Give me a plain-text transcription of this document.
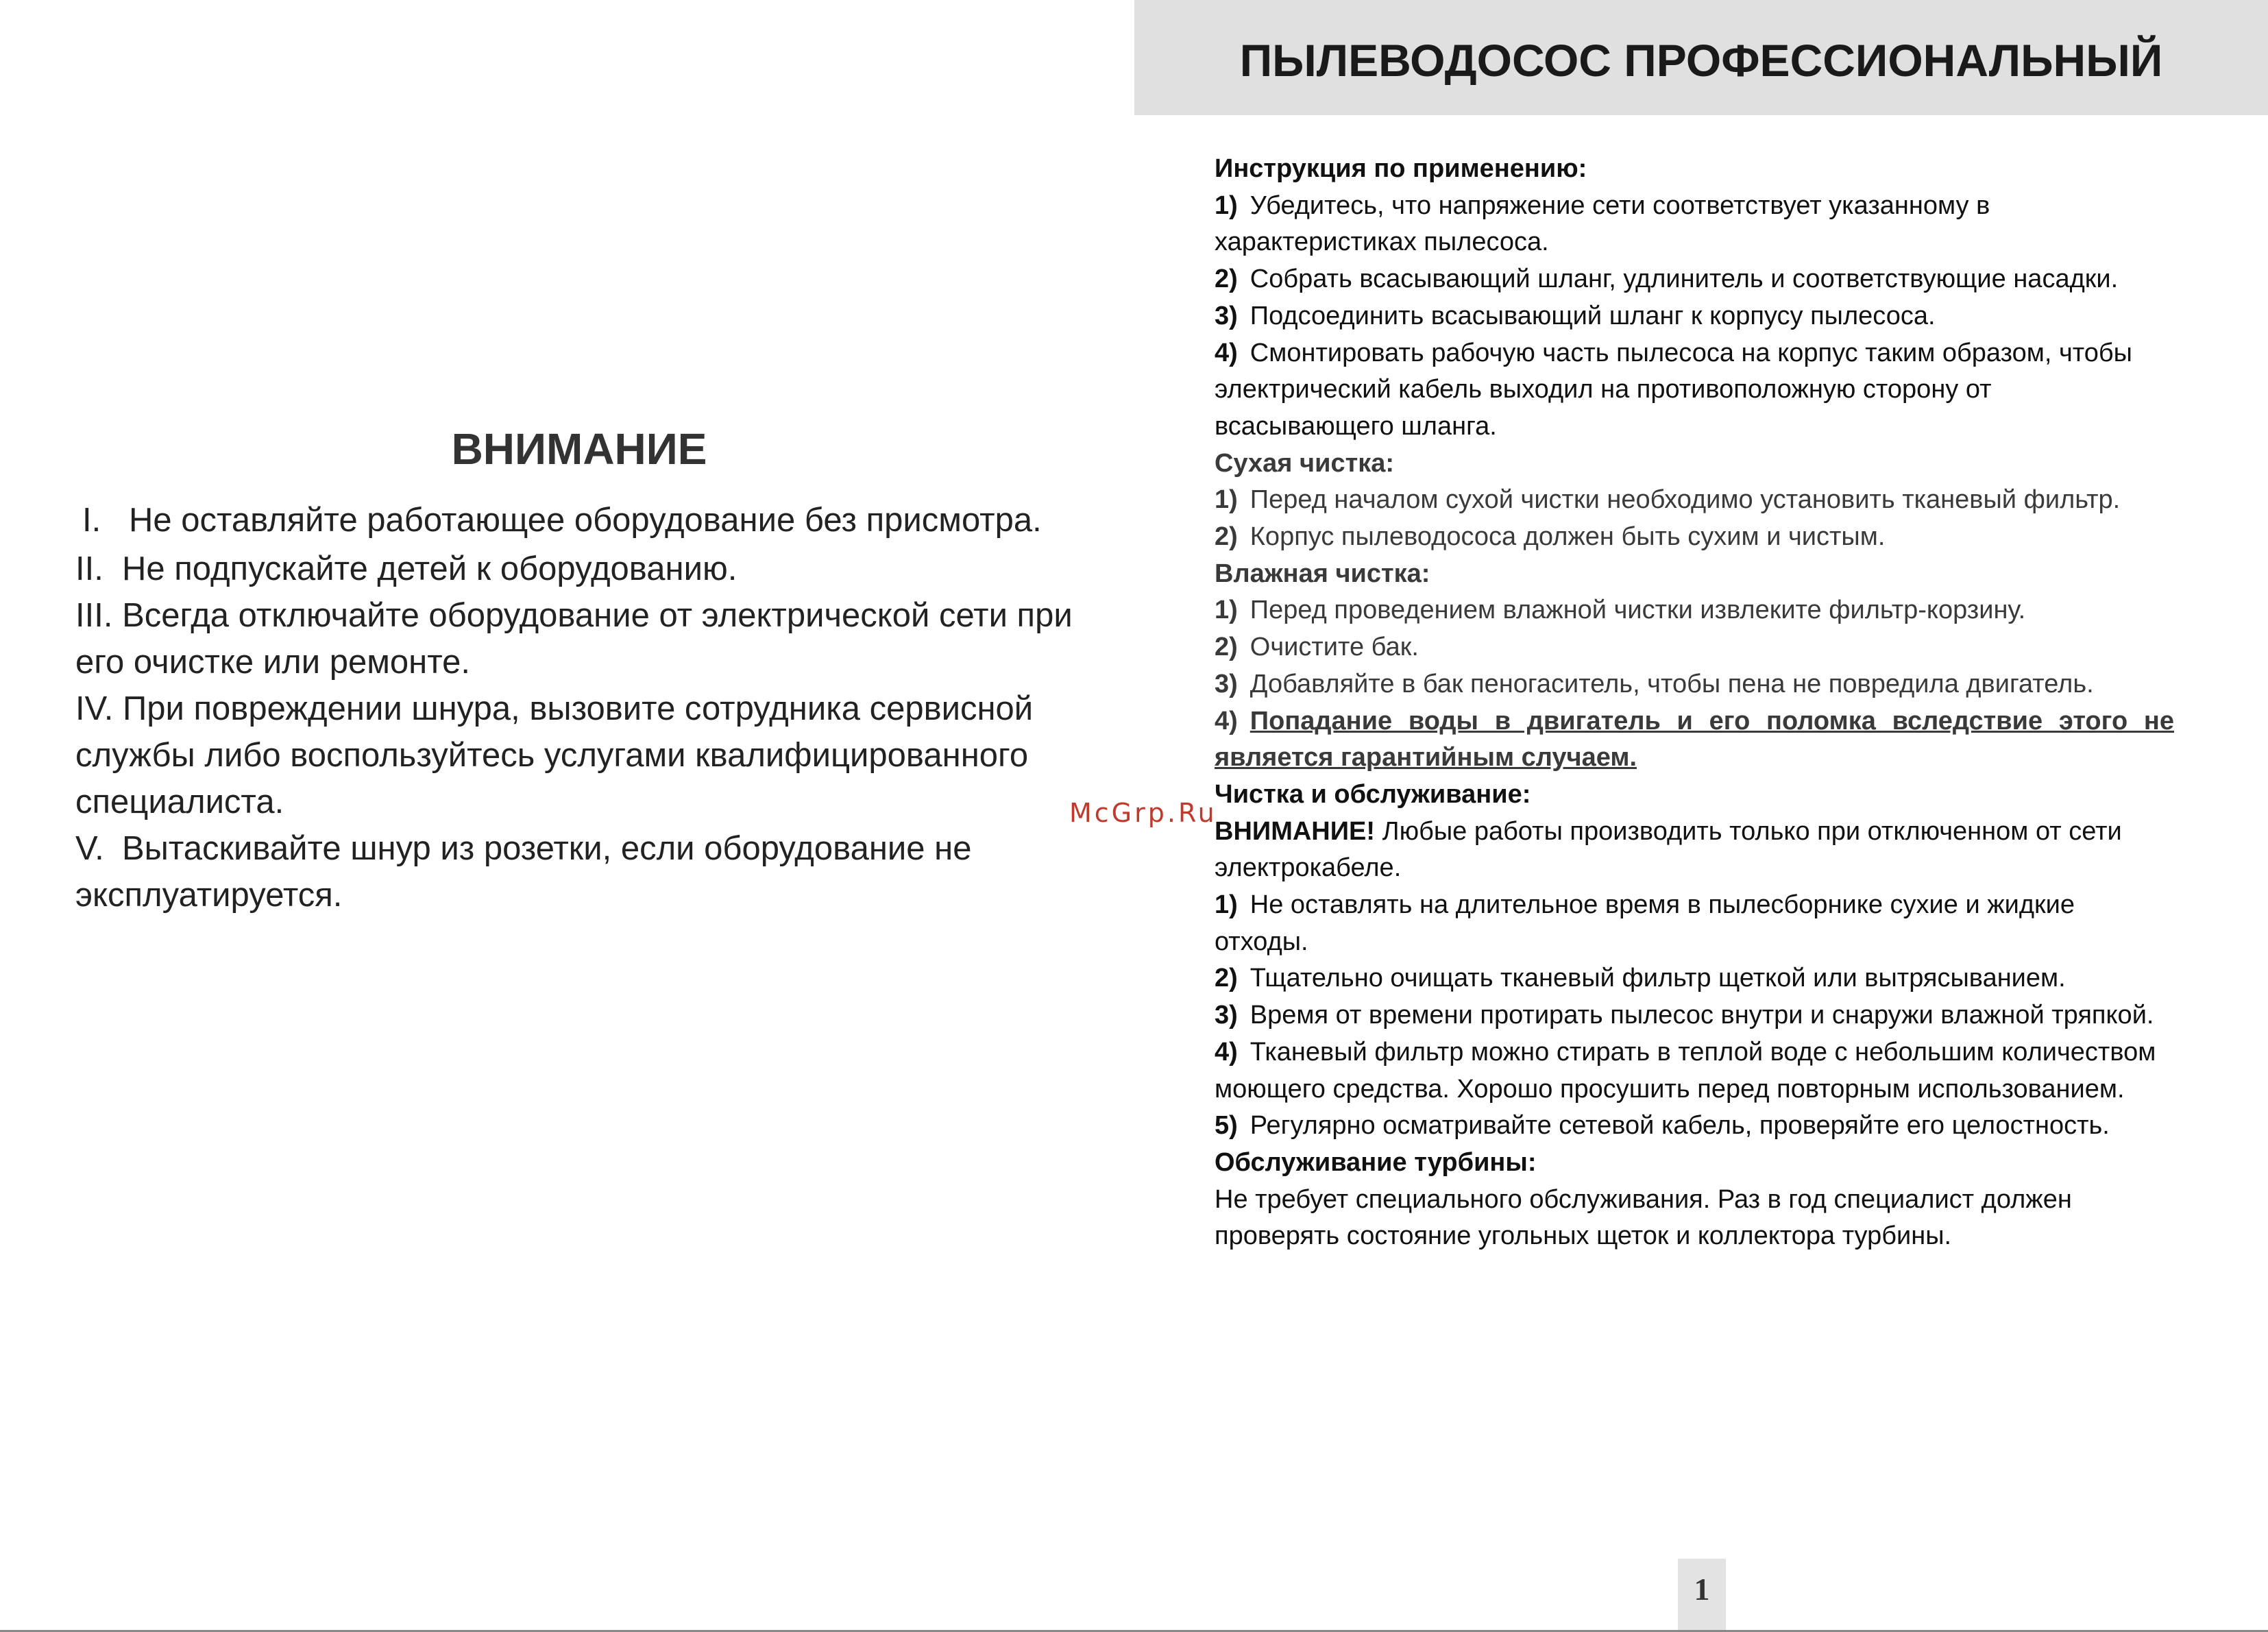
ВНИМАНИЕ

I. Не оставляйте работающее оборудование без присмотра.

II. Не подпускайте детей к оборудованию.

III. Всегда отключайте оборудование от электрической сети при его очистке или ремонте.

IV. При повреждении шнура, вызовите сотрудника сервисной службы либо воспользуйтесь услугами квалифицированного специалиста.

V. Вытаскивайте шнур из розетки, если оборудование не эксплуатируется.

McGrp.Ru
ПЫЛЕВОДОСОС ПРОФЕССИОНАЛЬНЫЙ

Инструкция по применению:

1) Убедитесь, что напряжение сети соответствует указанному в характеристиках пылесоса.

2) Собрать всасывающий шланг, удлинитель и соответствующие насадки.

3) Подсоединить всасывающий шланг к корпусу пылесоса.

4) Смонтировать рабочую часть пылесоса на корпус таким образом, чтобы электрический кабель выходил на противоположную сторону от всасывающего шланга.

Сухая чистка:

1) Перед началом сухой чистки необходимо установить тканевый фильтр.

2) Корпус пылеводососа должен быть сухим и чистым.

Влажная чистка:

1) Перед проведением влажной чистки извлеките фильтр-корзину.

2) Очистите бак.

3) Добавляйте в бак пеногаситель, чтобы пена не повредила двигатель.

4) Попадание воды в двигатель и его поломка вследствие этого не является гарантийным случаем.

Чистка и обслуживание:

ВНИМАНИЕ! Любые работы производить только при отключенном от сети электрокабеле.

1) Не оставлять на длительное время в пылесборнике сухие и жидкие отходы.

2) Тщательно очищать тканевый фильтр щеткой или вытрясыванием.

3) Время от времени протирать пылесос внутри и снаружи влажной тряпкой.

4) Тканевый фильтр можно стирать в теплой воде с небольшим количеством моющего средства. Хорошо просушить перед повторным использованием.

5) Регулярно осматривайте сетевой кабель, проверяйте его целостность.

Обслуживание турбины:

Не требует специального обслуживания. Раз в год специалист должен проверять состояние угольных щеток и коллектора турбины.

1
